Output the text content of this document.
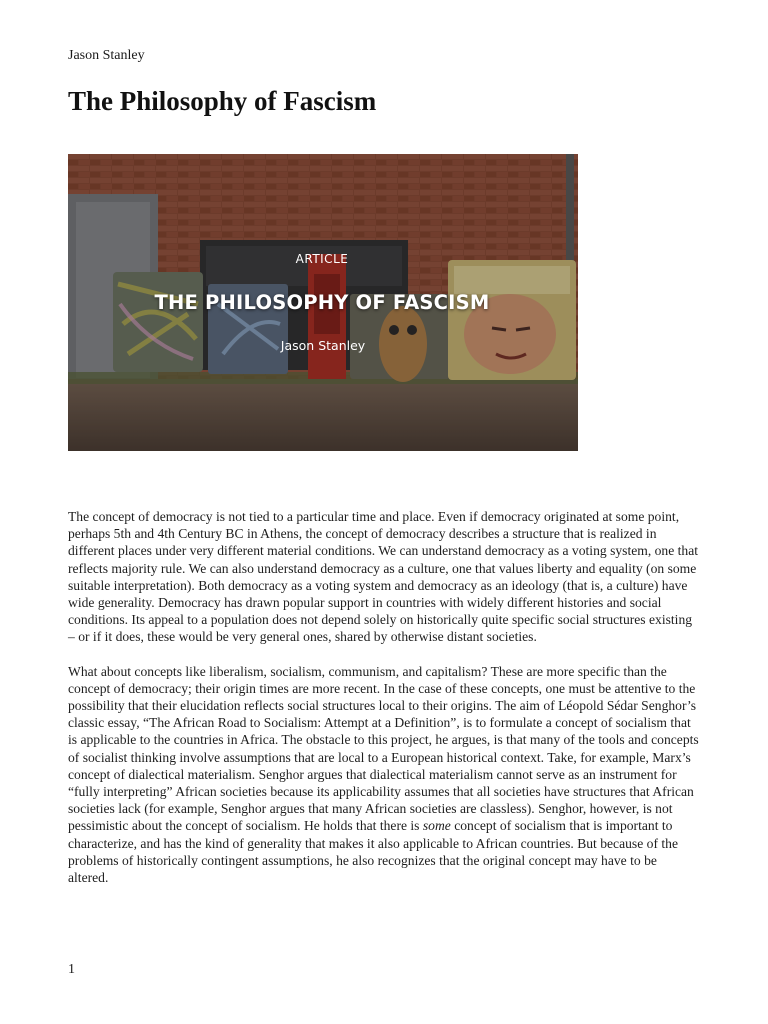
Jason Stanley
The Philosophy of Fascism
ARTICLE
THE PHILOSOPHY OF FASCISM
Jason Stanley

The concept of democracy is not tied to a particular time and place. Even if democracy originated at some point, perhaps 5th and 4th Century BC in Athens, the concept of democracy describes a structure that is realized in different places under very different material conditions. We can understand democracy as a voting system, one that reflects majority rule. We can also understand democracy as a culture, one that values liberty and equality (on some suitable interpretation). Both democracy as a voting system and democracy as an ideology (that is, a culture) have wide generality. Democracy has drawn popular support in countries with widely different histories and social conditions. Its appeal to a population does not depend solely on historically quite specific social structures existing – or if it does, these would be very general ones, shared by otherwise distant societies.

What about concepts like liberalism, socialism, communism, and capitalism? These are more specific than the concept of democracy; their origin times are more recent. In the case of these concepts, one must be attentive to the possibility that their elucidation reflects social structures local to their origins. The aim of Léopold Sédar Senghor’s classic essay, “The African Road to Socialism: Attempt at a Definition”, is to formulate a concept of socialism that is applicable to the countries in Africa. The obstacle to this project, he argues, is that many of the tools and concepts of socialist thinking involve assumptions that are local to a European historical context. Take, for example, Marx’s concept of dialectical materialism. Senghor argues that dialectical materialism cannot serve as an instrument for “fully interpreting” African societies because its applicability assumes that all societies have structures that African societies lack (for example, Senghor argues that many African societies are classless). Senghor, however, is not pessimistic about the concept of socialism. He holds that there is some concept of socialism that is important to characterize, and has the kind of generality that makes it also applicable to African countries. But because of the problems of historically contingent assumptions, he also recognizes that the original concept may have to be altered.

1
